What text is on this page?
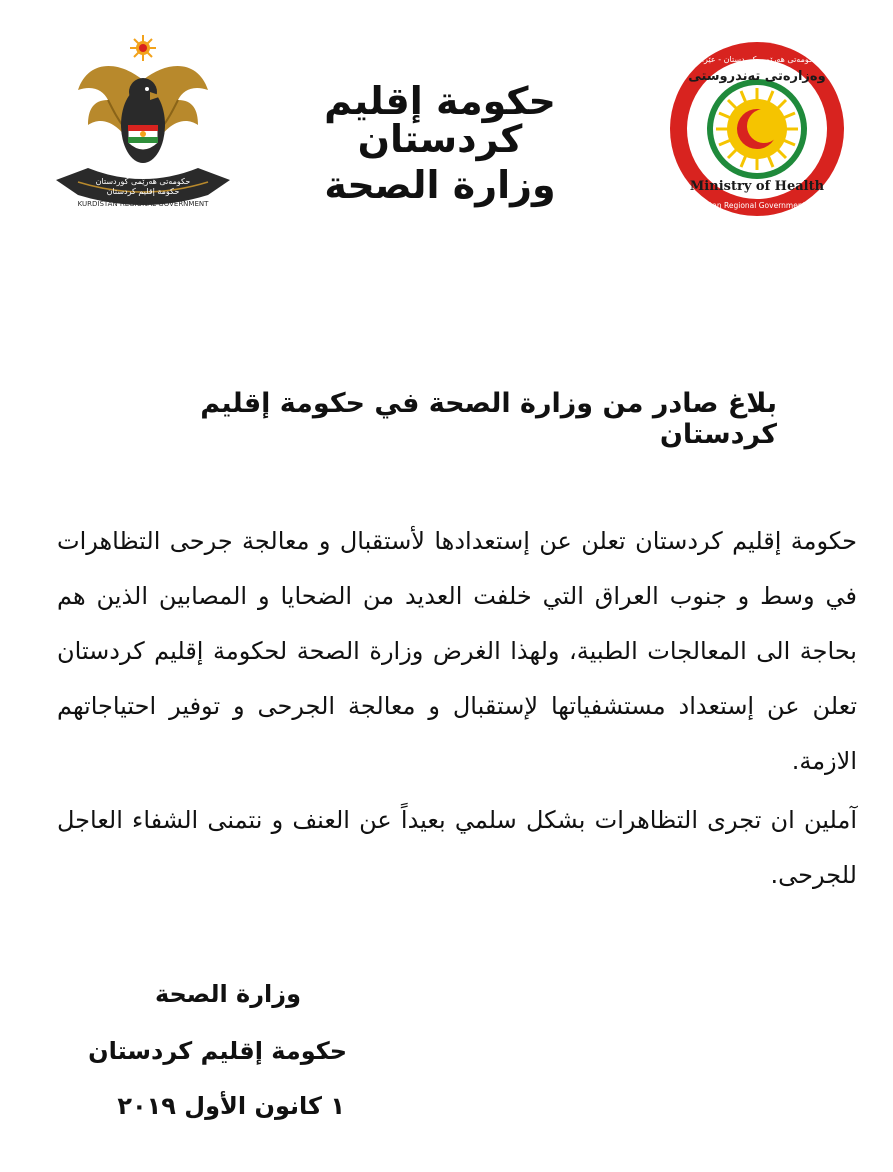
حكومەتی هەرێمی کوردستان
حكومة إقليم كردستان
KURDISTAN REGIONAL GOVERNMENT
حكومة إقليم كردستان
وزارة الصحة
حکومەتی هەرێمی کوردستان - عێراق
وەزارەتی تەندروستی
Ministry of Health
Kurdistan Regional Government - Iraq
بلاغ صادر من وزارة الصحة في حكومة إقليم كردستان

حكومة إقليم كردستان تعلن عن إستعدادها لأستقبال و معالجة جرحى التظاهرات في وسط و جنوب العراق التي خلفت العديد من الضحايا و المصابين الذين هم بحاجة الى المعالجات الطبية، ولهذا الغرض وزارة الصحة لحكومة إقليم كردستان تعلن عن إستعداد مستشفياتها لإستقبال و معالجة الجرحى و توفير احتياجاتهم الازمة.

آملين ان تجرى التظاهرات بشكل سلمي بعيداً عن العنف و نتمنى الشفاء العاجل للجرحى.

وزارة الصحة
حكومة إقليم كردستان
١ كانون الأول ٢٠١٩
